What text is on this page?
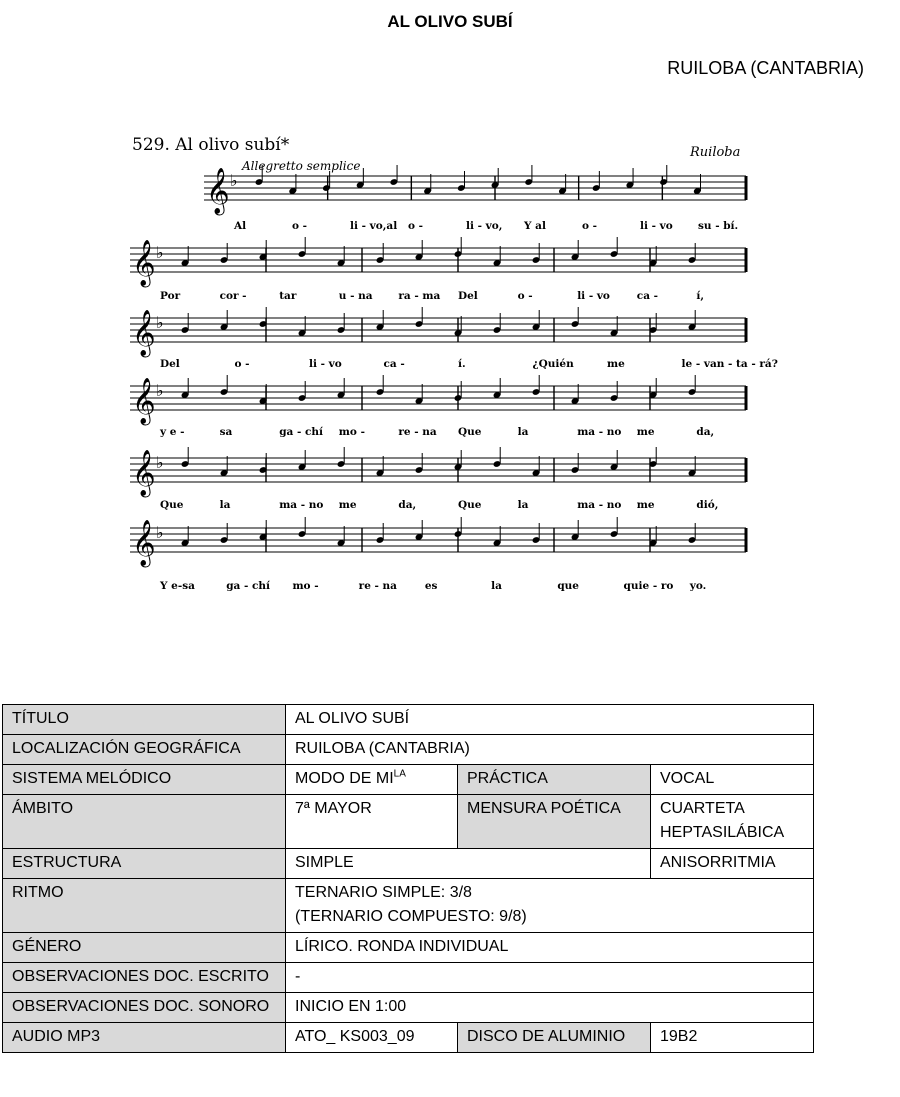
AL OLIVO SUBÍ
RUILOBA (CANTABRIA)
529. Al olivo subí*	Ruiloba
Allegretto semplice
𝄞 ♭
Al	o -	li - vo,al o -	li - vo, Y al	o -	li - vo su - bí.
𝄞 ♭
Por	cor -	tar	u - na ra - ma Del	o -	li - vo	ca -	í,
𝄞 ♭
Del	o -	li - vo	ca -	í.	¿Quién	me	le - van - ta - rá?
𝄞 ♭
y e -	sa	ga - chí mo -	re - na Que	la	ma - no me	da,
𝄞 ♭
Que	la	ma - no me	da,	Que	la	ma - no me	dió,
𝄞 ♭
Y e-sa	ga - chí mo -	re - na	es	la	que	quie - ro yo.
TÍTULO	AL OLIVO SUBÍ		
LOCALIZACIÓN GEOGRÁFICA	RUILOBA (CANTABRIA)		
SISTEMA MELÓDICO	MODO DE $MI^{LA}$	PRÁCTICA	VOCAL
ÁMBITO	7ª MAYOR	MENSURA POÉTICA	CUARTETA HEPTASILÁBICA
ESTRUCTURA	SIMPLE		ANISORRITMIA
RITMO	TERNARIO SIMPLE: 3/8
(TERNARIO COMPUESTO: 9/8)		

GÉNERO	LÍRICO. RONDA INDIVIDUAL		
OBSERVACIONES DOC. ESCRITO	-		
OBSERVACIONES DOC. SONORO	INICIO EN 1:00		
AUDIO MP3	ATO_ KS003_09	DISCO DE ALUMINIO	19B2
